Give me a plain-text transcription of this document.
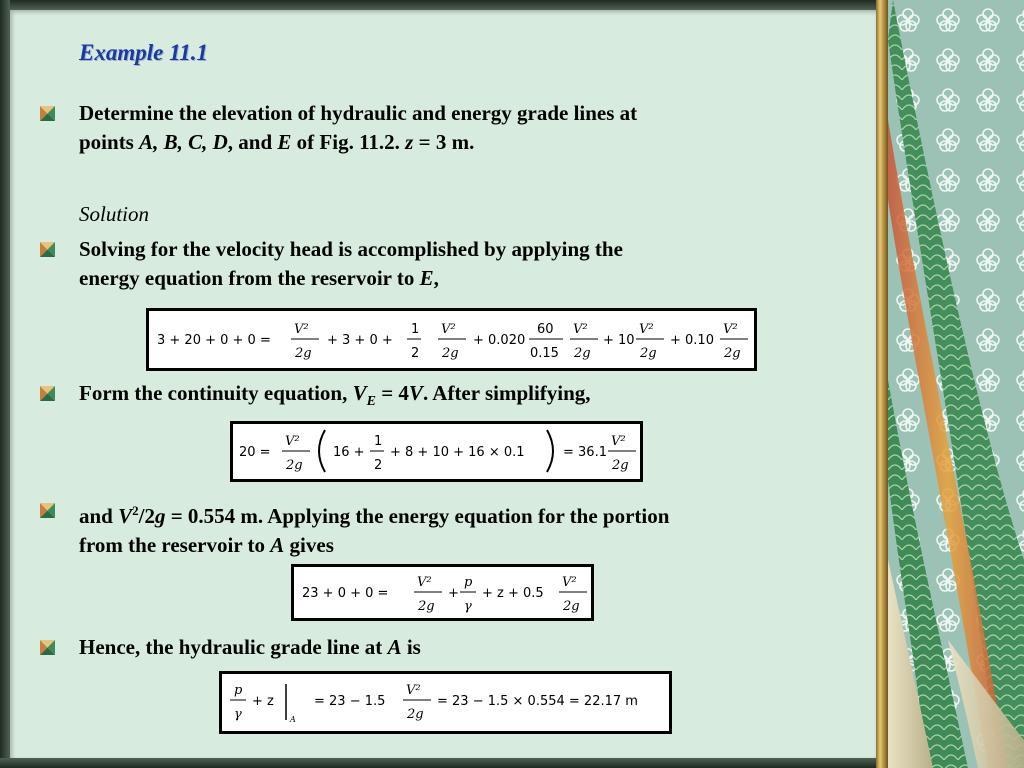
Example 11.1
Determine the elevation of hydraulic and energy grade lines at
points A, B, C, D, and E of Fig. 11.2. z = 3 m.
Solution
Solving for the velocity head is accomplished by applying the
energy equation from the reservoir to E,
3 + 20 + 0 + 0 =
V²
2g
+ 3 + 0 +
1
2
V²
2g
+ 0.020
60
0.15
V²
2g
+ 10
V²
2g
+ 0.10
V²
2g
Form the continuity equation, $V_E = 4V$. After simplifying,
20 =
V²
2g
16 +
1
2
+ 8 + 10 + 16 × 0.1	= 36.1
V²
2g
and $V^2/2g = 0.554$ m. Applying the energy equation for the portion
from the reservoir to A gives
23 + 0 + 0 =
V²
2g
+
p
γ
+ z + 0.5
V²
2g
Hence, the hydraulic grade line at A is
p
γ
+ z
A
= 23 − 1.5
V²
2g
= 23 − 1.5 × 0.554 = 22.17 m
